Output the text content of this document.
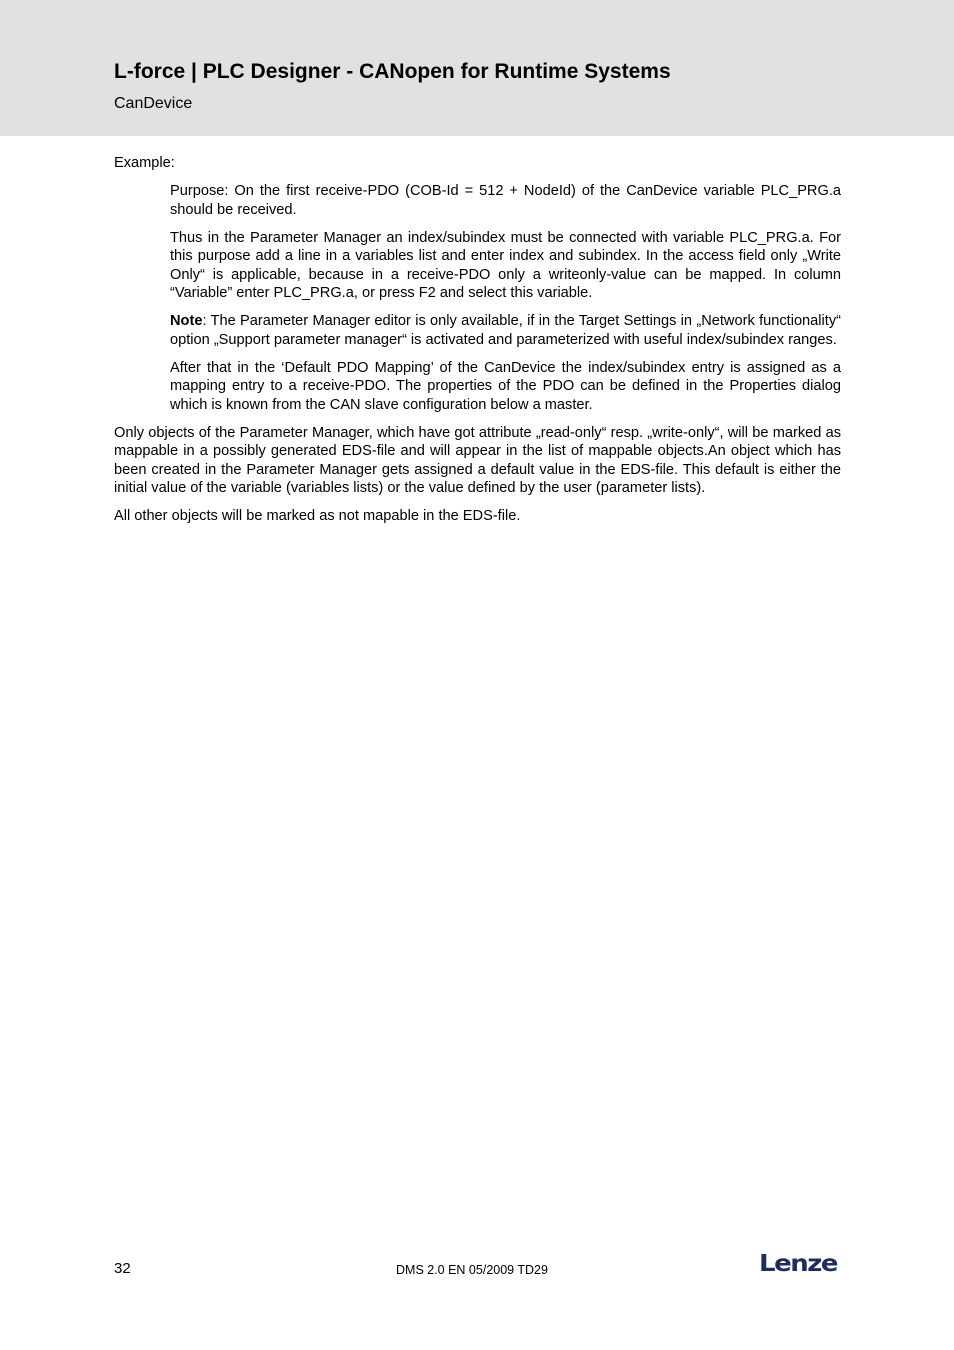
L-force | PLC Designer - CANopen for Runtime Systems
CanDevice

Example:

Purpose: On the first receive-PDO (COB-Id = 512 + NodeId) of the CanDevice variable PLC_PRG.a should be received.

Thus in the Parameter Manager an index/subindex must be connected with variable PLC_PRG.a. For this purpose add a line in a variables list and enter index and subindex. In the access field only „Write Only“ is applicable, because in a receive-PDO only a writeonly-value can be mapped. In column “Variable” enter PLC_PRG.a, or press F2 and select this variable.

Note: The Parameter Manager editor is only available, if in the Target Settings in „Network functionality“ option „Support parameter manager“ is activated and parameterized with useful index/subindex ranges.

After that in the ‘Default PDO Mapping’ of the CanDevice the index/subindex entry is assigned as a mapping entry to a receive-PDO. The properties of the PDO can be defined in the Properties dialog which is known from the CAN slave configuration below a master.

Only objects of the Parameter Manager, which have got attribute „read-only“ resp. „write-only“, will be marked as mappable in a possibly generated EDS-file and will appear in the list of mappable objects.An object which has been created in the Parameter Manager gets assigned a default value in the EDS-file. This default is either the initial value of the variable (variables lists) or the value defined by the user (parameter lists).

All other objects will be marked as not mapable in the EDS-file.

32	DMS 2.0 EN 05/2009 TD29	Lenze
